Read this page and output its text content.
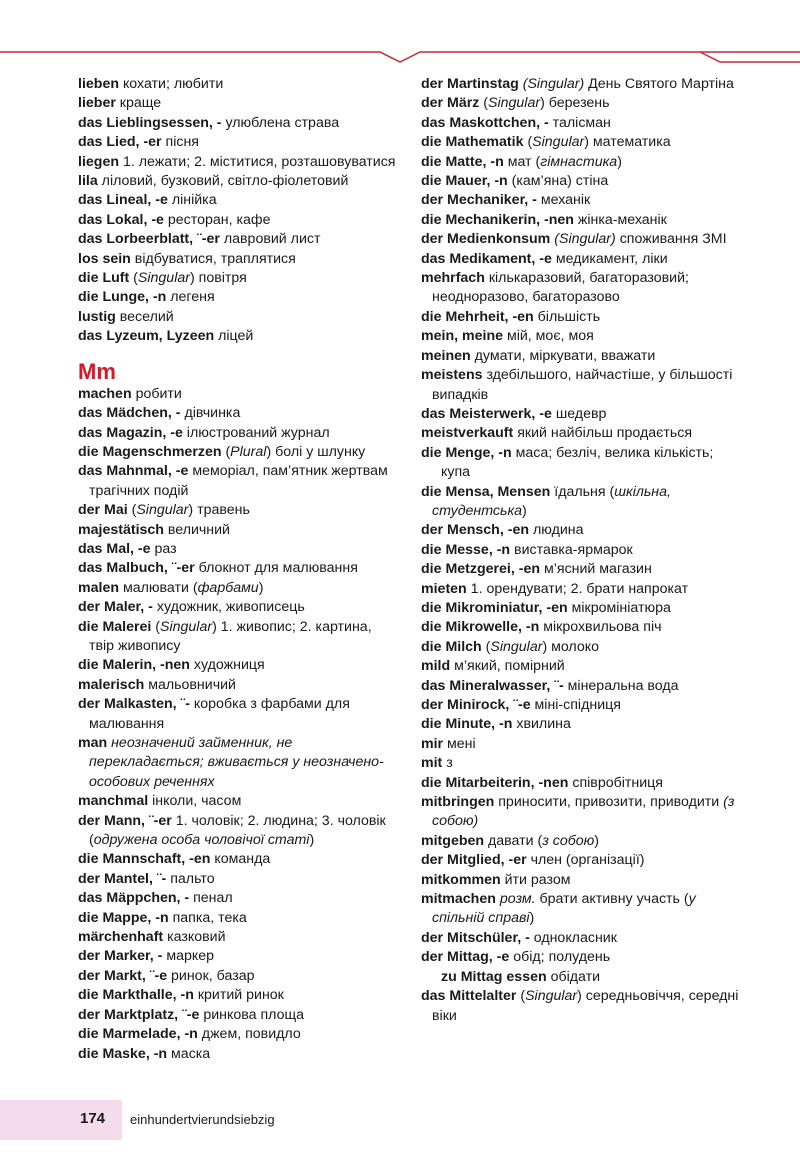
lieben кохати; любити
lieber краще
das Lieblingsessen, - улюблена страва
das Lied, -er пісня
liegen 1. лежати; 2. міститися, розташовуватися
lila ліловий, бузковий, світло-фіолетовий
das Lineal, -e лінійка
das Lokal, -e ресторан, кафе
das Lorbeerblatt, ¨-er лавровий лист
los sein відбуватися, траплятися
die Luft (Singular) повітря
die Lunge, -n легеня
lustig веселий
das Lyzeum, Lyzeen ліцей
Mm
machen робити
das Mädchen, - дівчинка
das Magazin, -e ілюстрований журнал
die Magenschmerzen (Plural) болі у шлунку
das Mahnmal, -e меморіал, пам’ятник жертвам трагічних подій
der Mai (Singular) травень
majestätisch величний
das Mal, -e раз
das Malbuch, ¨-er блокнот для малювання
malen малювати (фарбами)
der Maler, - художник, живописець
die Malerei (Singular) 1. живопис; 2. картина, твір живопису
die Malerin, -nen художниця
malerisch мальовничий
der Malkasten, ¨- коробка з фарбами для малювання
man неозначений займенник, не перекладається; вживається у неозначено-особових реченнях
manchmal інколи, часом
der Mann, ¨-er 1. чоловік; 2. людина; 3. чоловік (одружена особа чоловічої статі)
die Mannschaft, -en команда
der Mantel, ¨- пальто
das Mäppchen, - пенал
die Mappe, -n папка, тека
märchenhaft казковий
der Marker, - маркер
der Markt, ¨-e ринок, базар
die Markthalle, -n критий ринок
der Marktplatz, ¨-e ринкова площа
die Marmelade, -n джем, повидло
die Maske, -n маска
der Martinstag (Singular) День Святого Мартіна
der März (Singular) березень
das Maskottchen, - талісман
die Mathematik (Singular) математика
die Matte, -n мат (гімнастика)
die Mauer, -n (кам’яна) стіна
der Mechaniker, - механік
die Mechanikerin, -nen жінка-механік
der Medienkonsum (Singular) споживання ЗМІ
das Medikament, -e медикамент, ліки
mehrfach кількаразовий, багаторазовий; неодноразово, багаторазово
die Mehrheit, -en більшість
mein, meine мій, моє, моя
meinen думати, міркувати, вважати
meistens здебільшого, найчастіше, у більшості випадків
das Meisterwerk, -e шедевр
meistverkauft який найбільш продається
die Menge, -n маса; безліч, велика кількість;
купа
die Mensa, Mensen їдальня (шкільна, студентська)
der Mensch, -en людина
die Messe, -n виставка-ярмарок
die Metzgerei, -en м’ясний магазин
mieten 1. орендувати; 2. брати напрокат
die Mikrominiatur, -en мікромініатюра
die Mikrowelle, -n мікрохвильова піч
die Milch (Singular) молоко
mild м’який, помірний
das Mineralwasser, ¨- мінеральна вода
der Minirock, ¨-e міні-спідниця
die Minute, -n хвилина
mir мені
mit з
die Mitarbeiterin, -nen співробітниця
mitbringen приносити, привозити, приводити (з собою)
mitgeben давати (з собою)
der Mitglied, -er член (організації)
mitkommen йти разом
mitmachen розм. брати активну участь (у спільній справі)
der Mitschüler, - однокласник
der Mittag, -e обід; полудень
zu Mittag essen обідати
das Mittelalter (Singular) середньовіччя, середні віки
174 einhundertvierundsiebzig
